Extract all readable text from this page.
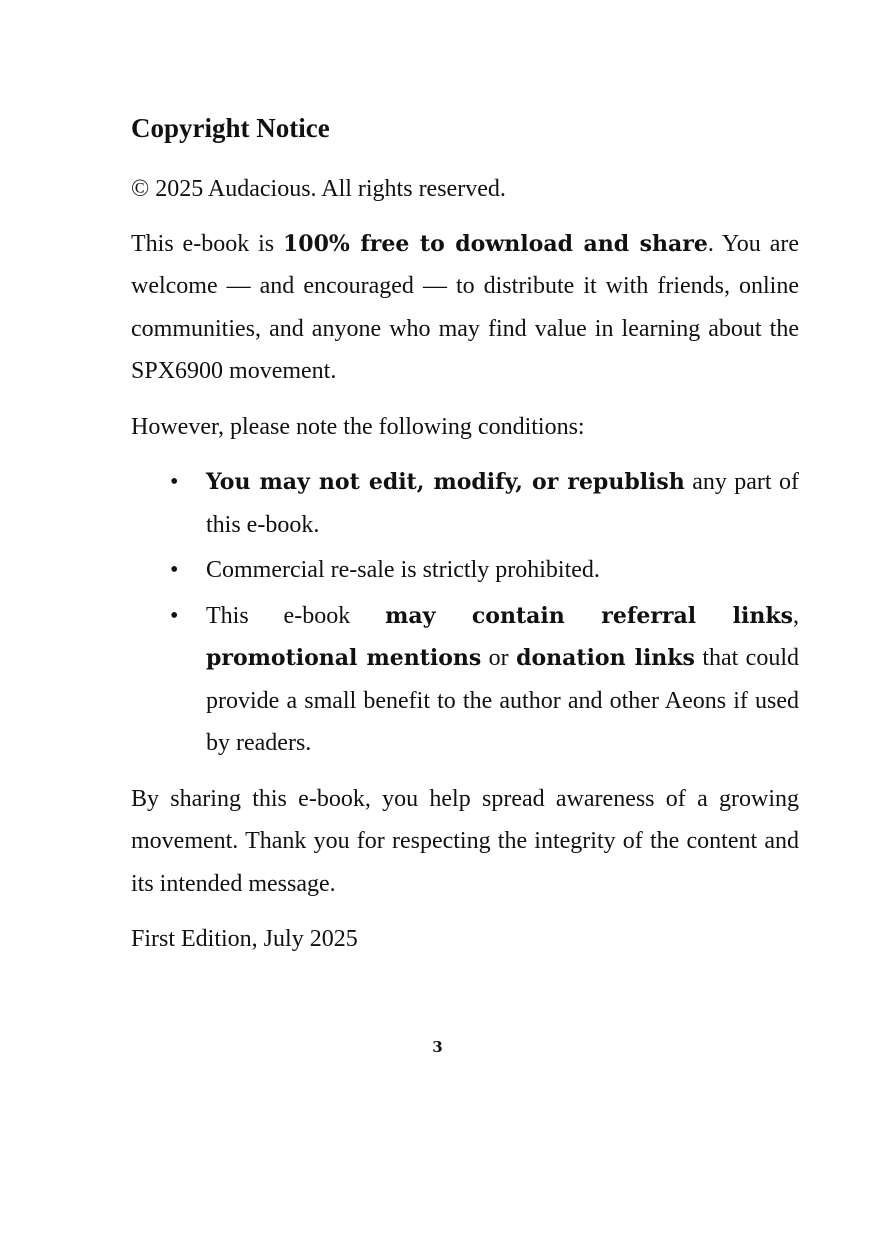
Copyright Notice

© 2025 Audacious. All rights reserved.

This e-book is 100% free to download and share. You are welcome — and encouraged — to distribute it with friends, online communities, and anyone who may find value in learning about the SPX6900 movement.

However, please note the following conditions:

• You may not edit, modify, or republish any part of this e-book.
• Commercial re-sale is strictly prohibited.
• This e-book may contain referral links, promotional mentions or donation links that could provide a small benefit to the author and other Aeons if used by readers.

By sharing this e-book, you help spread awareness of a growing movement. Thank you for respecting the integrity of the content and its intended message.

First Edition, July 2025

3
